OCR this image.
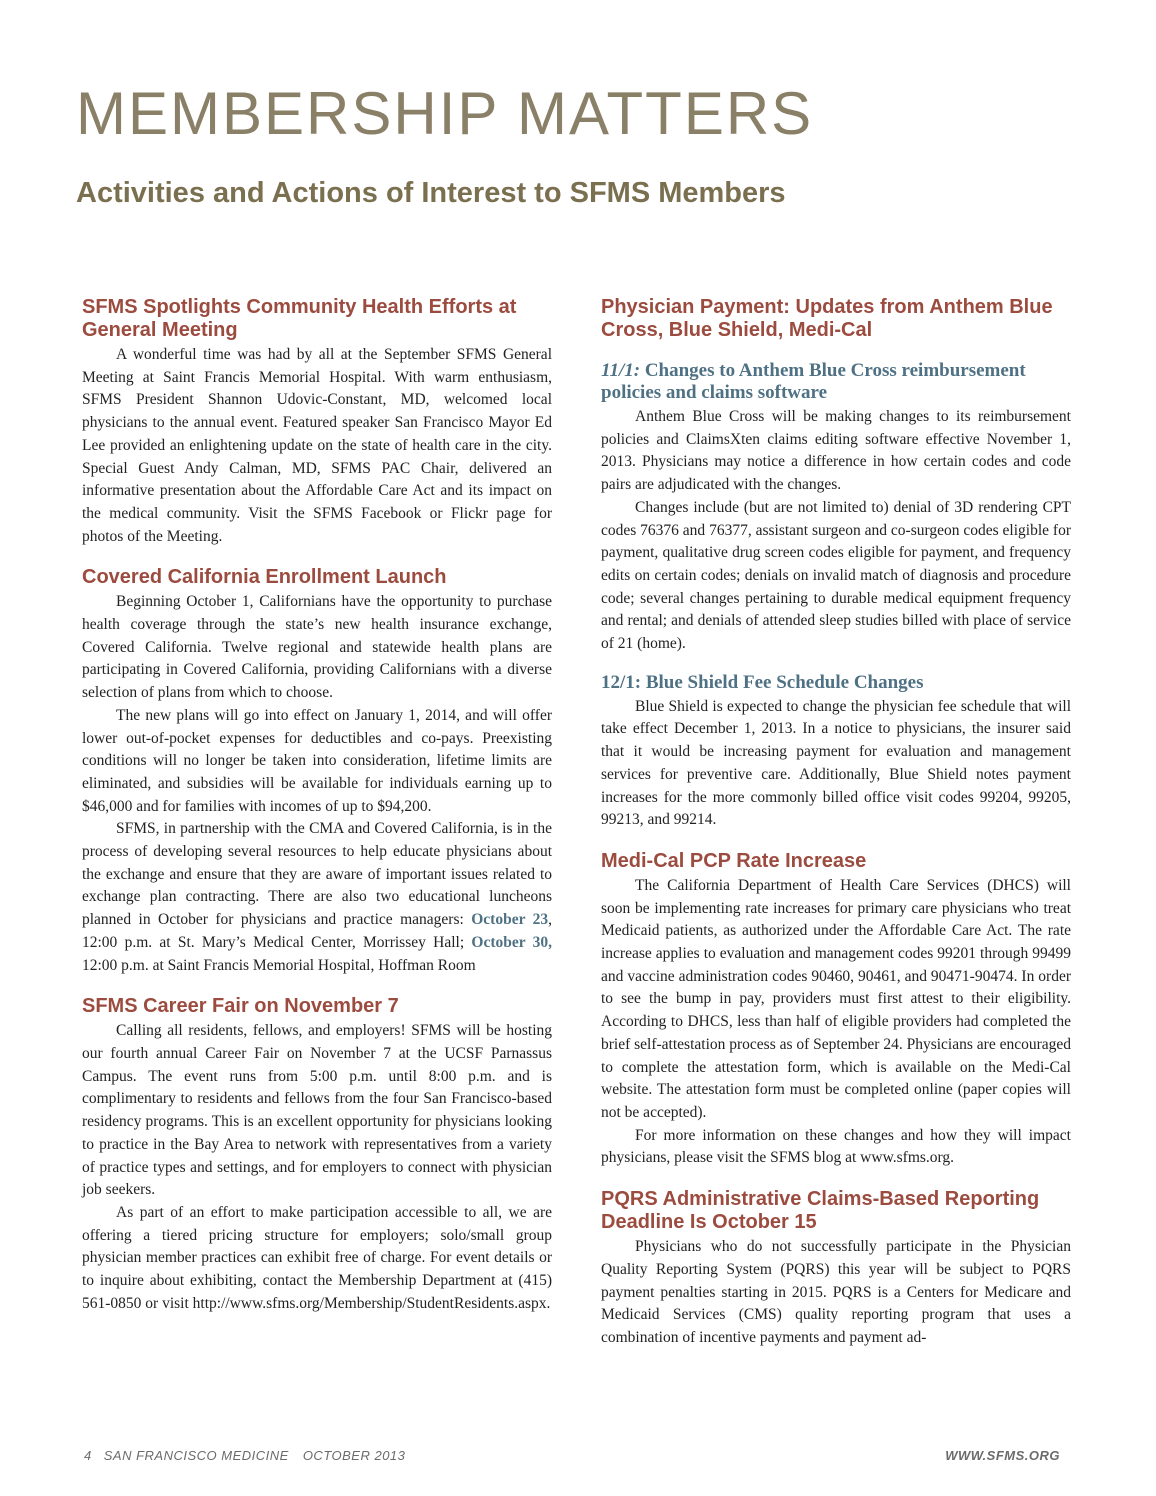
MEMBERSHIP MATTERS
Activities and Actions of Interest to SFMS Members
SFMS Spotlights Community Health Efforts at General Meeting

A wonderful time was had by all at the September SFMS General Meeting at Saint Francis Memorial Hospital. With warm enthusiasm, SFMS President Shannon Udovic-Constant, MD, welcomed local physicians to the annual event. Featured speaker San Francisco Mayor Ed Lee provided an enlightening update on the state of health care in the city. Special Guest Andy Calman, MD, SFMS PAC Chair, delivered an informative presentation about the Affordable Care Act and its impact on the medical community. Visit the SFMS Facebook or Flickr page for photos of the Meeting.

Covered California Enrollment Launch

Beginning October 1, Californians have the opportunity to purchase health coverage through the state’s new health insurance exchange, Covered California. Twelve regional and statewide health plans are participating in Covered California, providing Californians with a diverse selection of plans from which to choose.

The new plans will go into effect on January 1, 2014, and will offer lower out-of-pocket expenses for deductibles and co-pays. Preexisting conditions will no longer be taken into consideration, lifetime limits are eliminated, and subsidies will be available for individuals earning up to $46,000 and for families with incomes of up to $94,200.

SFMS, in partnership with the CMA and Covered California, is in the process of developing several resources to help educate physicians about the exchange and ensure that they are aware of important issues related to exchange plan contracting. There are also two educational luncheons planned in October for physicians and practice managers: October 23, 12:00 p.m. at St. Mary’s Medical Center, Morrissey Hall; October 30, 12:00 p.m. at Saint Francis Memorial Hospital, Hoffman Room

SFMS Career Fair on November 7

Calling all residents, fellows, and employers! SFMS will be hosting our fourth annual Career Fair on November 7 at the UCSF Parnassus Campus. The event runs from 5:00 p.m. until 8:00 p.m. and is complimentary to residents and fellows from the four San Francisco-based residency programs. This is an excellent opportunity for physicians looking to practice in the Bay Area to network with representatives from a variety of practice types and settings, and for employers to connect with physician job seekers.

As part of an effort to make participation accessible to all, we are offering a tiered pricing structure for employers; solo/small group physician member practices can exhibit free of charge. For event details or to inquire about exhibiting, contact the Membership Department at (415) 561-0850 or visit http://www.sfms.org/Membership/StudentResidents.aspx.

Physician Payment: Updates from Anthem Blue Cross, Blue Shield, Medi-Cal
11/1: Changes to Anthem Blue Cross reimbursement policies and claims software

Anthem Blue Cross will be making changes to its reimbursement policies and ClaimsXten claims editing software effective November 1, 2013. Physicians may notice a difference in how certain codes and code pairs are adjudicated with the changes.

Changes include (but are not limited to) denial of 3D rendering CPT codes 76376 and 76377, assistant surgeon and co-surgeon codes eligible for payment, qualitative drug screen codes eligible for payment, and frequency edits on certain codes; denials on invalid match of diagnosis and procedure code; several changes pertaining to durable medical equipment frequency and rental; and denials of attended sleep studies billed with place of service of 21 (home).

12/1: Blue Shield Fee Schedule Changes

Blue Shield is expected to change the physician fee schedule that will take effect December 1, 2013. In a notice to physicians, the insurer said that it would be increasing payment for evaluation and management services for preventive care. Additionally, Blue Shield notes payment increases for the more commonly billed office visit codes 99204, 99205, 99213, and 99214.

Medi-Cal PCP Rate Increase

The California Department of Health Care Services (DHCS) will soon be implementing rate increases for primary care physicians who treat Medicaid patients, as authorized under the Affordable Care Act. The rate increase applies to evaluation and management codes 99201 through 99499 and vaccine administration codes 90460, 90461, and 90471-90474. In order to see the bump in pay, providers must first attest to their eligibility. According to DHCS, less than half of eligible providers had completed the brief self-attestation process as of September 24. Physicians are encouraged to complete the attestation form, which is available on the Medi-Cal website. The attestation form must be completed online (paper copies will not be accepted).

For more information on these changes and how they will impact physicians, please visit the SFMS blog at www.sfms.org.

PQRS Administrative Claims-Based Reporting Deadline Is October 15

Physicians who do not successfully participate in the Physician Quality Reporting System (PQRS) this year will be subject to PQRS payment penalties starting in 2015. PQRS is a Centers for Medicare and Medicaid Services (CMS) quality reporting program that uses a combination of incentive payments and payment ad-

4 SAN FRANCISCO MEDICINE OCTOBER 2013	WWW.SFMS.ORG
